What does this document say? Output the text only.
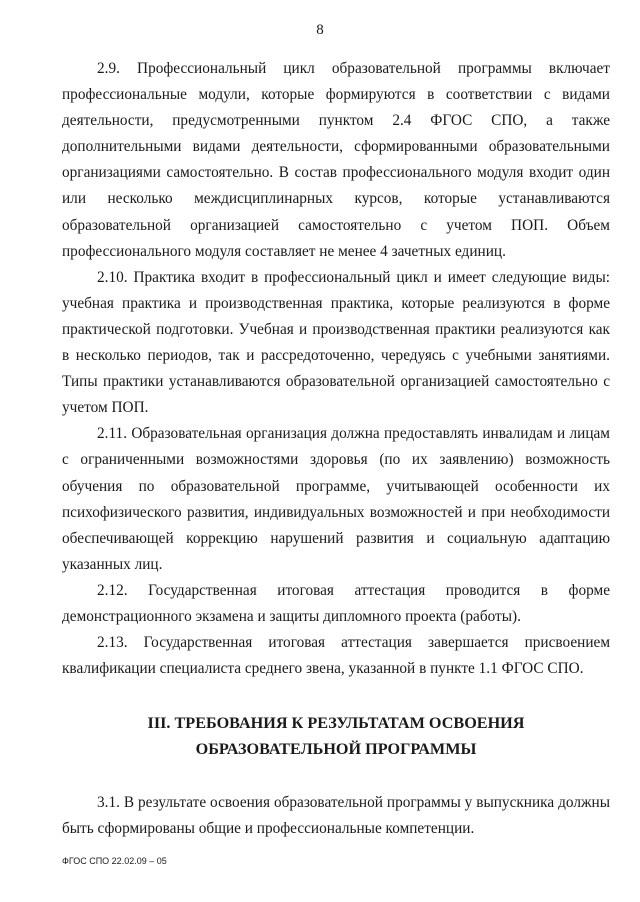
8

2.9. Профессиональный цикл образовательной программы включает профессиональные модули, которые формируются в соответствии с видами деятельности, предусмотренными пунктом 2.4 ФГОС СПО, а также дополнительными видами деятельности, сформированными образовательными организациями самостоятельно. В состав профессионального модуля входит один или несколько междисциплинарных курсов, которые устанавливаются образовательной организацией самостоятельно с учетом ПОП. Объем профессионального модуля составляет не менее 4 зачетных единиц.

2.10. Практика входит в профессиональный цикл и имеет следующие виды: учебная практика и производственная практика, которые реализуются в форме практической подготовки. Учебная и производственная практики реализуются как в несколько периодов, так и рассредоточенно, чередуясь с учебными занятиями. Типы практики устанавливаются образовательной организацией самостоятельно с учетом ПОП.

2.11. Образовательная организация должна предоставлять инвалидам и лицам с ограниченными возможностями здоровья (по их заявлению) возможность обучения по образовательной программе, учитывающей особенности их психофизического развития, индивидуальных возможностей и при необходимости обеспечивающей коррекцию нарушений развития и социальную адаптацию указанных лиц.

2.12. Государственная итоговая аттестация проводится в форме демонстрационного экзамена и защиты дипломного проекта (работы).

2.13. Государственная итоговая аттестация завершается присвоением квалификации специалиста среднего звена, указанной в пункте 1.1 ФГОС СПО.

III. ТРЕБОВАНИЯ К РЕЗУЛЬТАТАМ ОСВОЕНИЯ ОБРАЗОВАТЕЛЬНОЙ ПРОГРАММЫ

3.1. В результате освоения образовательной программы у выпускника должны быть сформированы общие и профессиональные компетенции.

ФГОС СПО 22.02.09 – 05
